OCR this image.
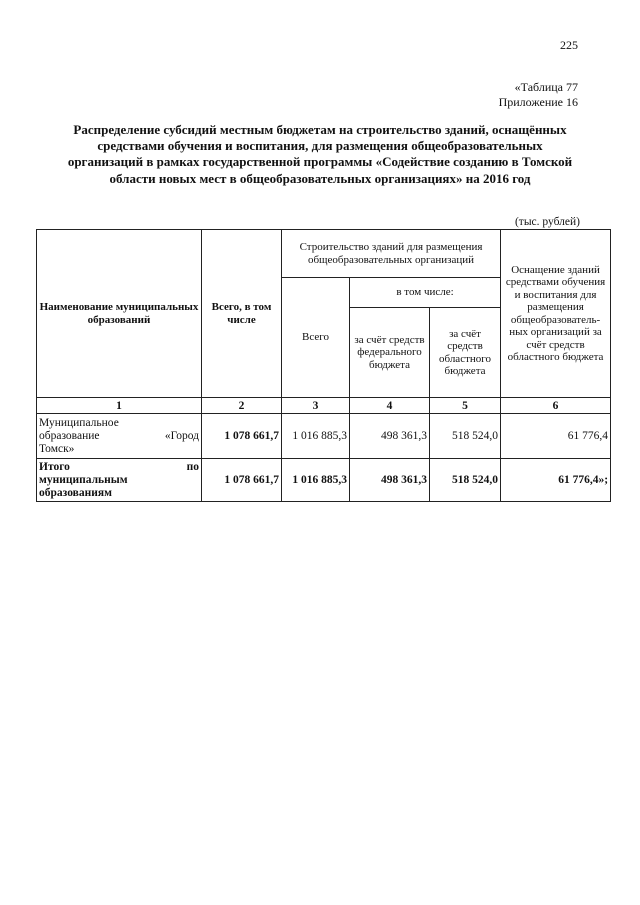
225
«Таблица 77
Приложение 16
Распределение субсидий местным бюджетам на строительство зданий, оснащённых средствами обучения и воспитания, для размещения общеобразовательных организаций в рамках государственной программы «Содействие созданию в Томской области новых мест в общеобразовательных организациях» на 2016 год
(тыс. рублей)
Наименование муниципальных образований	Всего, в том числе	Строительство зданий для размещения общеобразовательных организаций			Оснащение зданий средствами обучения и воспитания для размещения общеобразователь-ных организаций за счёт средств областного бюджета
		Всего	в том числе:		
			за счёт средств федерального бюджета	за счёт средств областного бюджета	
1	2	3	4	5	6

Муниципальное
образование «Город
Томск»	1 078 661,7	1 016 885,3	498 361,3	518 524,0	61 776,4

Итого по
муниципальным
образованиям	1 078 661,7	1 016 885,3	498 361,3	518 524,0	61 776,4»;
